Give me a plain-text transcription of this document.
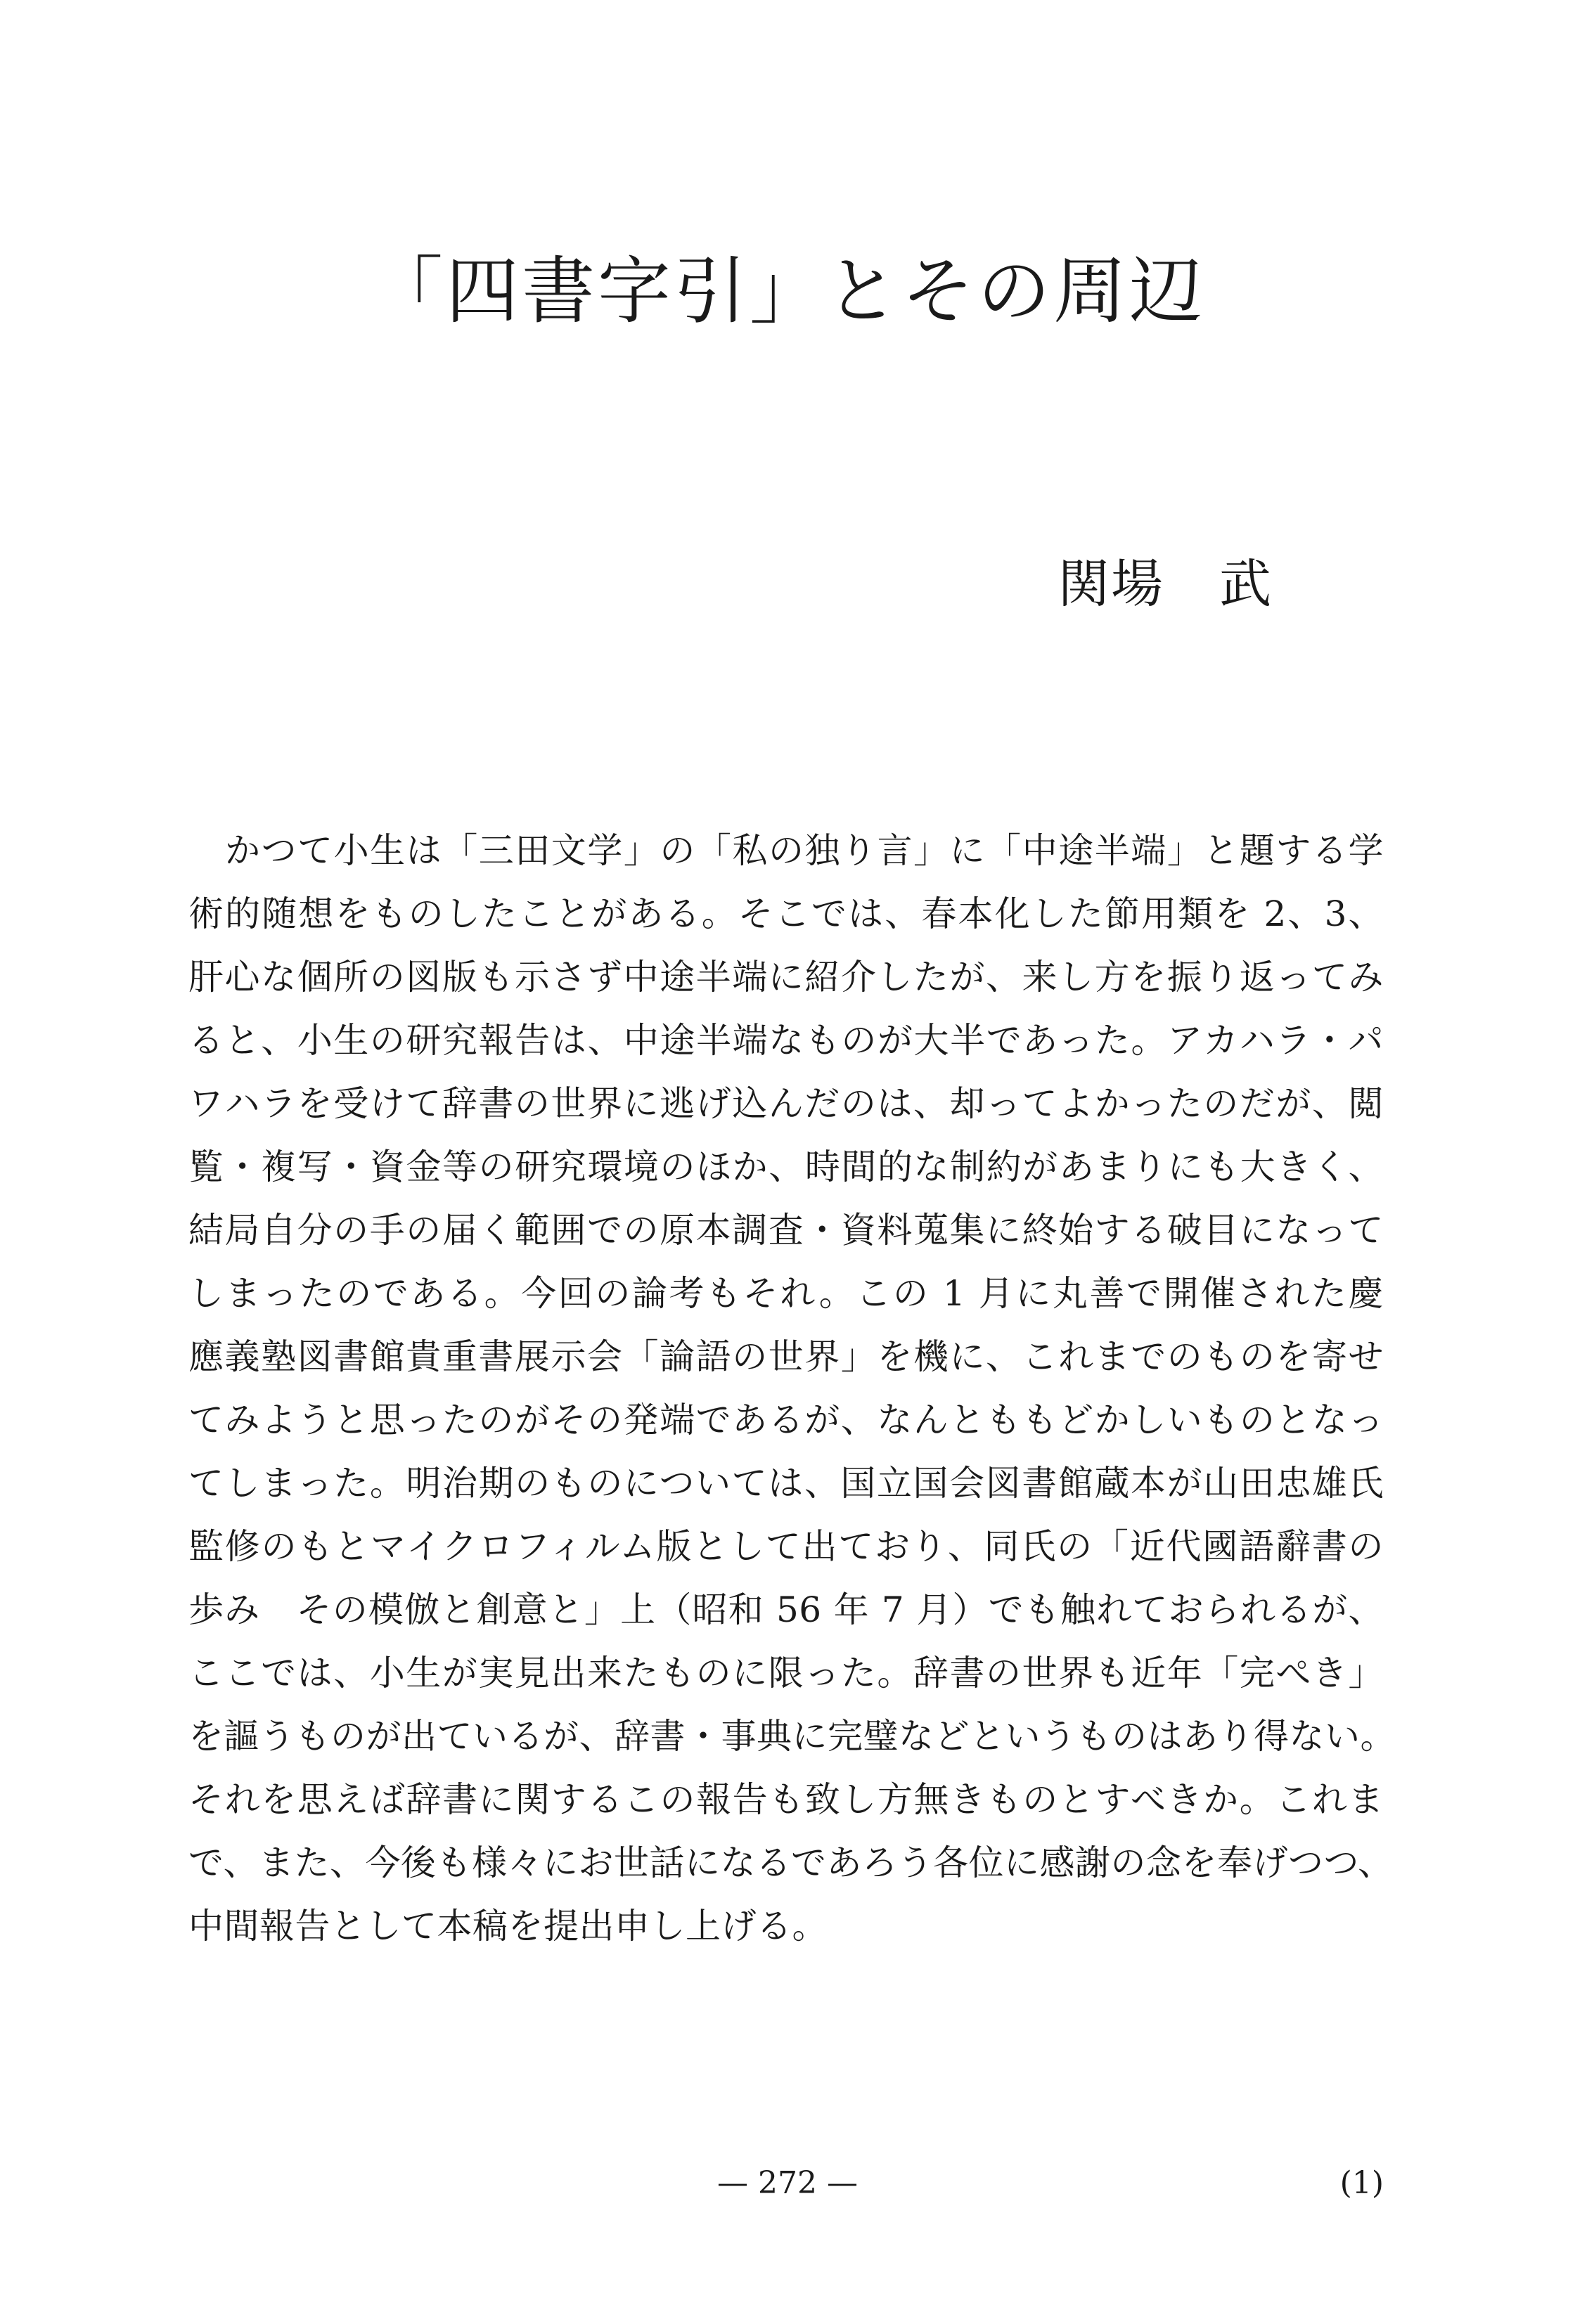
「四書字引」とその周辺
関場 武
かつて小生は「三田文学」の「私の独り言」に「中途半端」と題する学
術的随想をものしたことがある。そこでは、春本化した節用類を 2、3、
肝心な個所の図版も示さず中途半端に紹介したが、来し方を振り返ってみ
ると、小生の研究報告は、中途半端なものが大半であった。アカハラ・パ
ワハラを受けて辞書の世界に逃げ込んだのは、却ってよかったのだが、閲
覧・複写・資金等の研究環境のほか、時間的な制約があまりにも大きく、
結局自分の手の届く範囲での原本調査・資料蒐集に終始する破目になって
しまったのである。今回の論考もそれ。この 1 月に丸善で開催された慶
應義塾図書館貴重書展示会「論語の世界」を機に、これまでのものを寄せ
てみようと思ったのがその発端であるが、なんとももどかしいものとなっ
てしまった。明治期のものについては、国立国会図書館蔵本が山田忠雄氏
監修のもとマイクロフィルム版として出ており、同氏の「近代國語辭書の
歩み　その模倣と創意と」上（昭和 56 年 7 月）でも触れておられるが、
ここでは、小生が実見出来たものに限った。辞書の世界も近年「完ぺき」
を謳うものが出ているが、辞書・事典に完璧などというものはあり得ない。
それを思えば辞書に関するこの報告も致し方無きものとすべきか。これま
で、また、今後も様々にお世話になるであろう各位に感謝の念を奉げつつ、
中間報告として本稿を提出申し上げる。
— 272 —	(1)
